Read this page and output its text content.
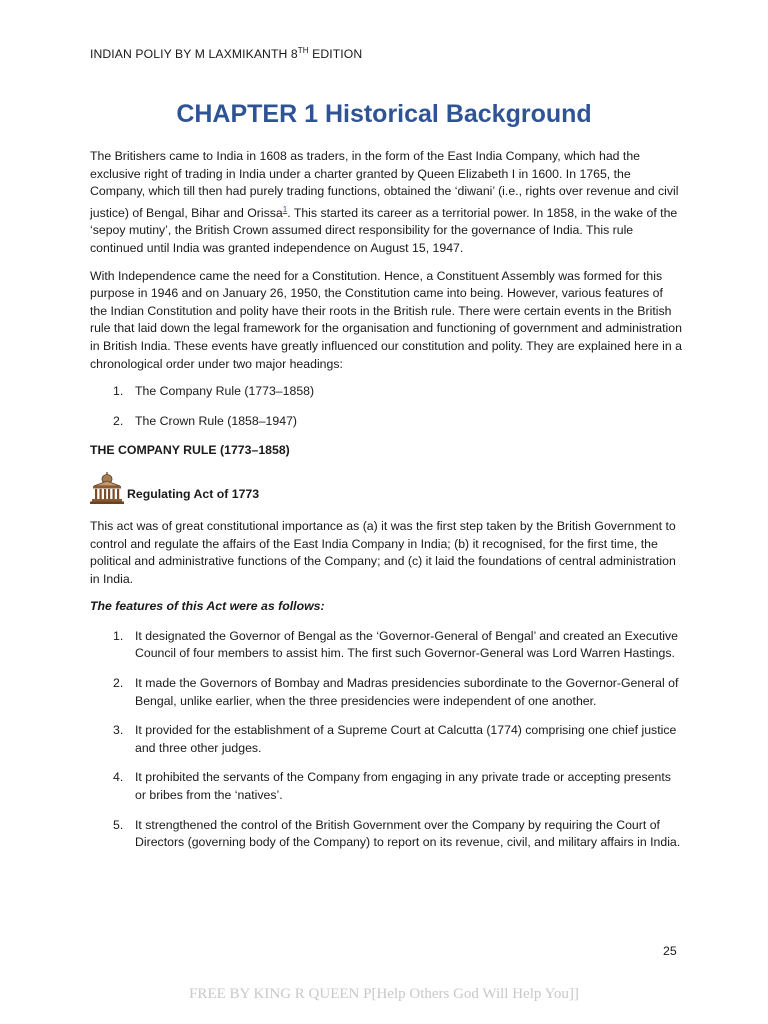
INDIAN POLIY BY M LAXMIKANTH 8TH EDITION
CHAPTER 1 Historical Background

The Britishers came to India in 1608 as traders, in the form of the East India Company, which had the exclusive right of trading in India under a charter granted by Queen Elizabeth I in 1600. In 1765, the Company, which till then had purely trading functions, obtained the ‘diwani’ (i.e., rights over revenue and civil justice) of Bengal, Bihar and Orissa$^1$. This started its career as a territorial power. In 1858, in the wake of the ‘sepoy mutiny’, the British Crown assumed direct responsibility for the governance of India. This rule continued until India was granted independence on August 15, 1947.

With Independence came the need for a Constitution. Hence, a Constituent Assembly was formed for this purpose in 1946 and on January 26, 1950, the Constitution came into being. However, various features of the Indian Constitution and polity have their roots in the British rule. There were certain events in the British rule that laid down the legal framework for the organisation and functioning of government and administration in British India. These events have greatly influenced our constitution and polity. They are explained here in a chronological order under two major headings:

1. The Company Rule (1773–1858)
2. The Crown Rule (1858–1947)
THE COMPANY RULE (1773–1858)
Regulating Act of 1773

This act was of great constitutional importance as (a) it was the first step taken by the British Government to control and regulate the affairs of the East India Company in India; (b) it recognised, for the first time, the political and administrative functions of the Company; and (c) it laid the foundations of central administration in India.

The features of this Act were as follows:
1. It designated the Governor of Bengal as the ‘Governor-General of Bengal’ and created an Executive Council of four members to assist him. The first such Governor-General was Lord Warren Hastings.
2. It made the Governors of Bombay and Madras presidencies subordinate to the Governor-General of Bengal, unlike earlier, when the three presidencies were independent of one another.
3. It provided for the establishment of a Supreme Court at Calcutta (1774) comprising one chief justice and three other judges.
4. It prohibited the servants of the Company from engaging in any private trade or accepting presents or bribes from the ‘natives’.
5. It strengthened the control of the British Government over the Company by requiring the Court of Directors (governing body of the Company) to report on its revenue, civil, and military affairs in India.
25
FREE BY KING R QUEEN P[Help Others God Will Help You]]
